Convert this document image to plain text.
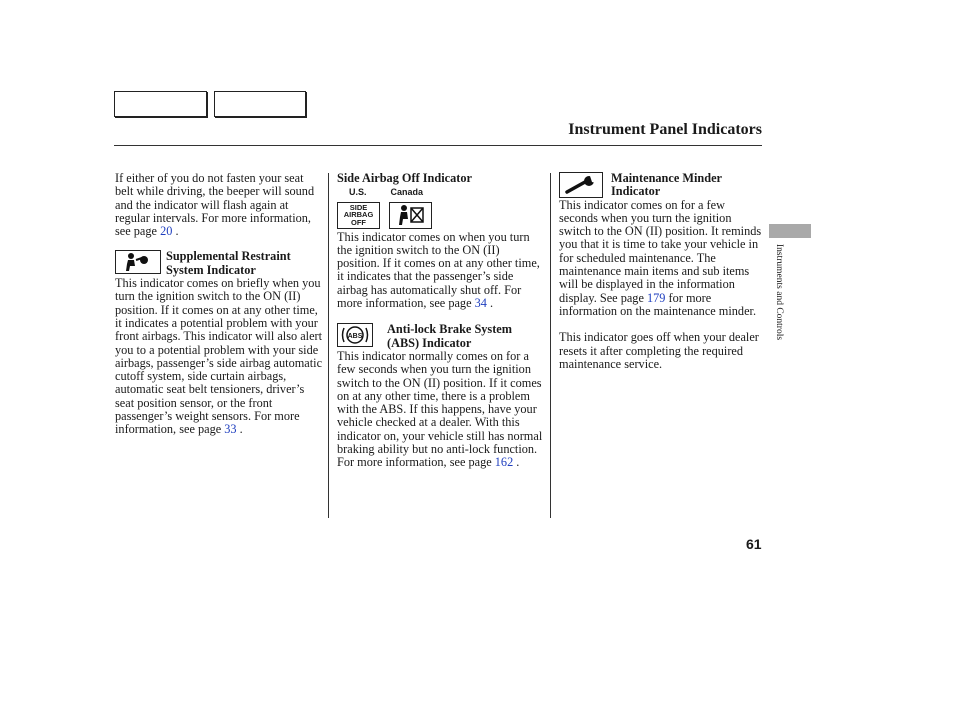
Instrument Panel Indicators

If either of you do not fasten your seat belt while driving, the beeper will sound and the indicator will flash again at regular intervals. For more information, see page 20 .

Supplemental Restraint
System Indicator

This indicator comes on briefly when you turn the ignition switch to the ON (II) position. If it comes on at any other time, it indicates a potential problem with your front airbags. This indicator will also alert you to a potential problem with your side airbags, passenger’s side airbag automatic cutoff system, side curtain airbags, automatic seat belt tensioners, driver’s seat position sensor, or the front passenger’s weight sensors. For more information, see page 33 .

Side Airbag Off Indicator

U.S.	Canada
SIDE
AIRBAG
OFF

This indicator comes on when you turn the ignition switch to the ON (II) position. If it comes on at any other time, it indicates that the passenger’s side airbag has automatically shut off. For more information, see page 34 .

ABS
Anti-lock Brake System
(ABS) Indicator

This indicator normally comes on for a few seconds when you turn the ignition switch to the ON (II) position. If it comes on at any other time, there is a problem with the ABS. If this happens, have your vehicle checked at a dealer. With this indicator on, your vehicle still has normal braking ability but no anti-lock function. For more information, see page 162 .

Maintenance Minder
Indicator

This indicator comes on for a few seconds when you turn the ignition switch to the ON (II) position. It reminds you that it is time to take your vehicle in for scheduled maintenance. The maintenance main items and sub items will be displayed in the information display. See page 179 for more information on the maintenance minder.

This indicator goes off when your dealer resets it after completing the required maintenance service.

Instruments and Controls
61
